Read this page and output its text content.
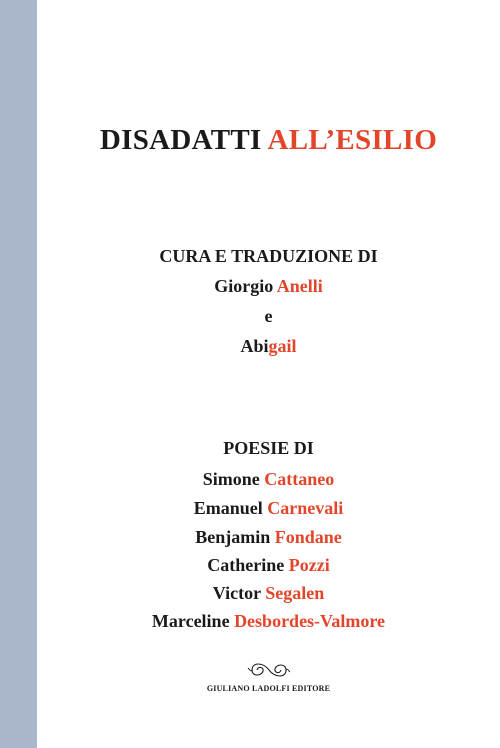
DISADATTI ALL’ESILIO
CURA E TRADUZIONE DI
Giorgio Anelli
e
Abigail
POESIE DI
Simone Cattaneo
Emanuel Carnevali
Benjamin Fondane
Catherine Pozzi
Victor Segalen
Marceline Desbordes-Valmore
GIULIANO LADOLFI EDITORE
